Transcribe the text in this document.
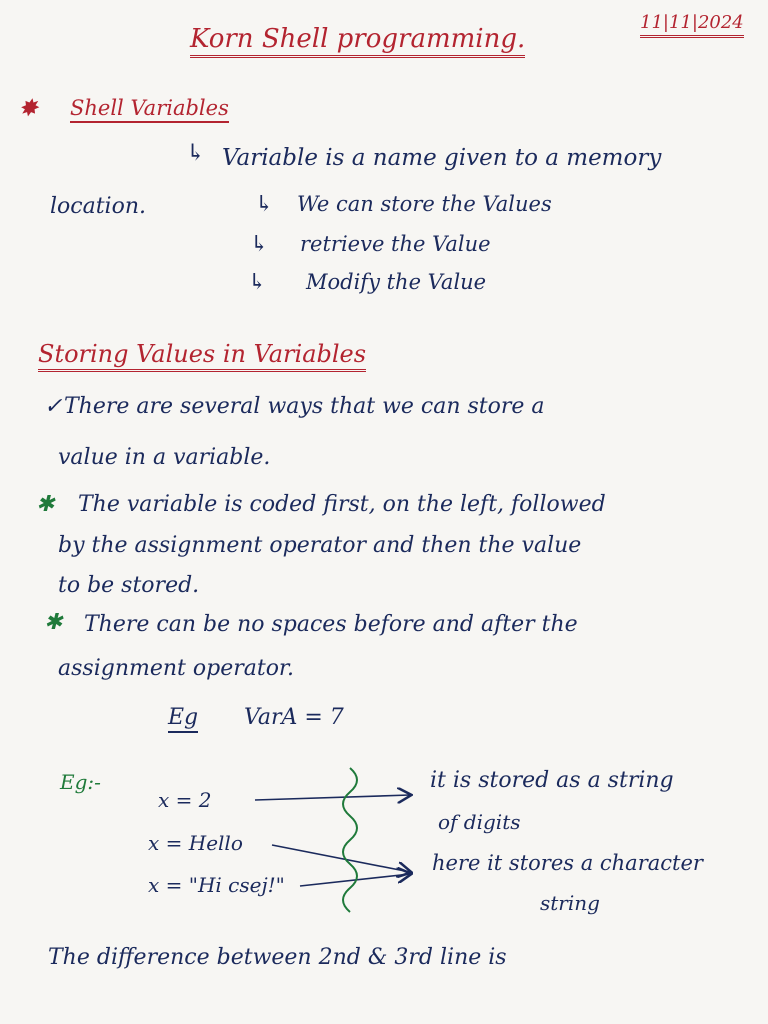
Korn Shell programming.
11|11|2024
✸ Shell Variables
↳ Variable is a name given to a memory
location.	↳ We can store the Values
↳ retrieve the Value
↳ Modify the Value
Storing Values in Variables
✓ There are several ways that we can store a
value in a variable.
✱ The variable is coded first, on the left, followed
by the assignment operator and then the value
to be stored.
✱ There can be no spaces before and after the
assignment operator.
Eg VarA = 7
Eg:-
x = 2
x = Hello
x = "Hi csej!"
it is stored as a string
of digits
here it stores a character
string
The difference between 2nd & 3rd line is
